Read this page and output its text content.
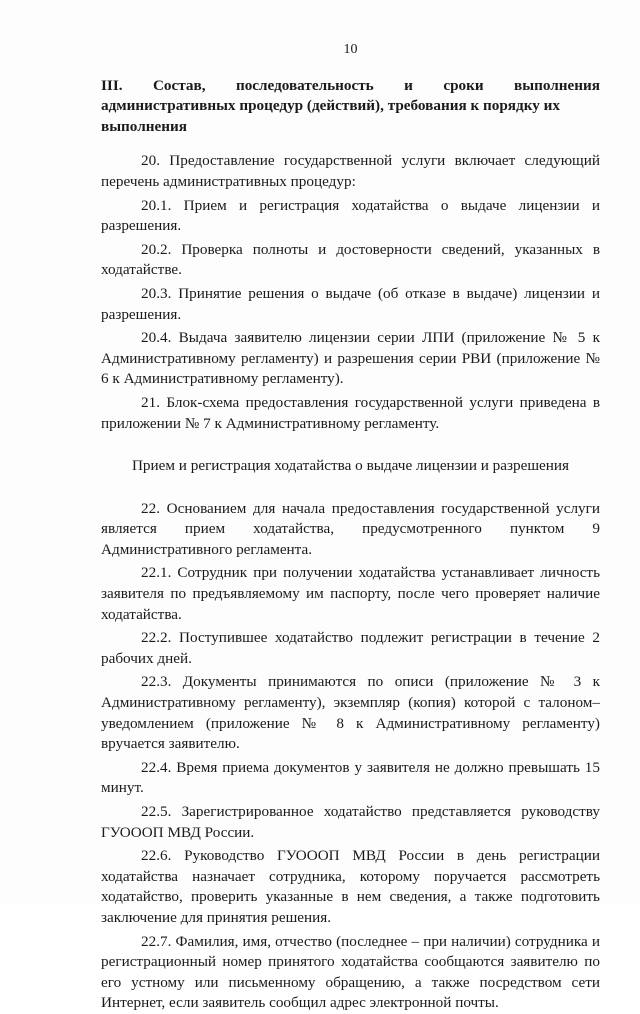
10
III. Состав, последовательность и сроки выполнения
административных процедур (действий), требования к порядку их выполнения

20. Предоставление государственной услуги включает следующий перечень административных процедур:

20.1. Прием и регистрация ходатайства о выдаче лицензии и разрешения.

20.2. Проверка полноты и достоверности сведений, указанных в ходатайстве.

20.3. Принятие решения о выдаче (об отказе в выдаче) лицензии и разрешения.

20.4. Выдача заявителю лицензии серии ЛПИ (приложение № 5 к Административному регламенту) и разрешения серии РВИ (приложение № 6 к Административному регламенту).

21. Блок-схема предоставления государственной услуги приведена в приложении № 7 к Административному регламенту.

Прием и регистрация ходатайства о выдаче лицензии и разрешения
22. Основанием для начала предоставления государственной услуги
является прием ходатайства, предусмотренного пунктом 9
Административного регламента.

22.1. Сотрудник при получении ходатайства устанавливает личность заявителя по предъявляемому им паспорту, после чего проверяет наличие ходатайства.

22.2. Поступившее ходатайство подлежит регистрации в течение 2 рабочих дней.

22.3. Документы принимаются по описи (приложение № 3 к Административному регламенту), экземпляр (копия) которой с талоном–уведомлением (приложение № 8 к Административному регламенту) вручается заявителю.

22.4. Время приема документов у заявителя не должно превышать 15 минут.

22.5. Зарегистрированное ходатайство представляется руководству ГУОООП МВД России.

22.6. Руководство ГУОООП МВД России в день регистрации ходатайства назначает сотрудника, которому поручается рассмотреть ходатайство, проверить указанные в нем сведения, а также подготовить заключение для принятия решения.

22.7. Фамилия, имя, отчество (последнее – при наличии) сотрудника и регистрационный номер принятого ходатайства сообщаются заявителю по его устному или письменному обращению, а также посредством сети Интернет, если заявитель сообщил адрес электронной почты.
